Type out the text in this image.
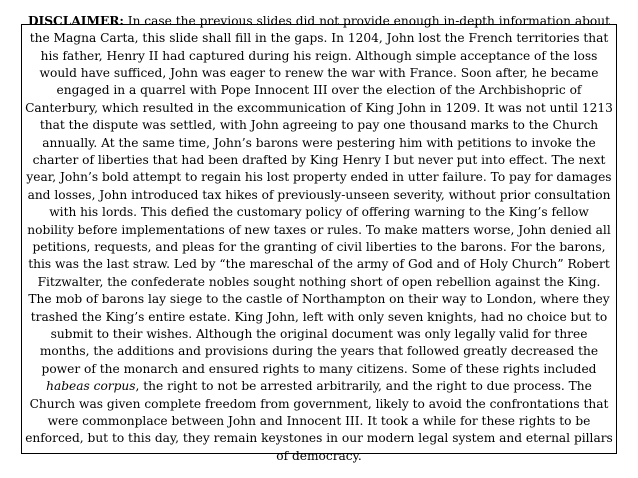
DISCLAIMER: In case the previous slides did not provide enough in-depth information about the Magna Carta, this slide shall fill in the gaps. In 1204, John lost the French territories that his father, Henry II had captured during his reign. Although simple acceptance of the loss would have sufficed, John was eager to renew the war with France. Soon after, he became engaged in a quarrel with Pope Innocent III over the election of the Archbishopric of Canterbury, which resulted in the excommunication of King John in 1209. It was not until 1213 that the dispute was settled, with John agreeing to pay one thousand marks to the Church annually. At the same time, John’s barons were pestering him with petitions to invoke the charter of liberties that had been drafted by King Henry I but never put into effect. The next year, John’s bold attempt to regain his lost property ended in utter failure. To pay for damages and losses, John introduced tax hikes of previously-unseen severity, without prior consultation with his lords. This defied the customary policy of offering warning to the King’s fellow nobility before implementations of new taxes or rules. To make matters worse, John denied all petitions, requests, and pleas for the granting of civil liberties to the barons. For the barons, this was the last straw. Led by “the mareschal of the army of God and of Holy Church” Robert Fitzwalter, the confederate nobles sought nothing short of open rebellion against the King. The mob of barons lay siege to the castle of Northampton on their way to London, where they trashed the King’s entire estate. King John, left with only seven knights, had no choice but to submit to their wishes. Although the original document was only legally valid for three months, the additions and provisions during the years that followed greatly decreased the power of the monarch and ensured rights to many citizens. Some of these rights included habeas corpus, the right to not be arrested arbitrarily, and the right to due process. The Church was given complete freedom from government, likely to avoid the confrontations that were commonplace between John and Innocent III. It took a while for these rights to be enforced, but to this day, they remain keystones in our modern legal system and eternal pillars of democracy.
